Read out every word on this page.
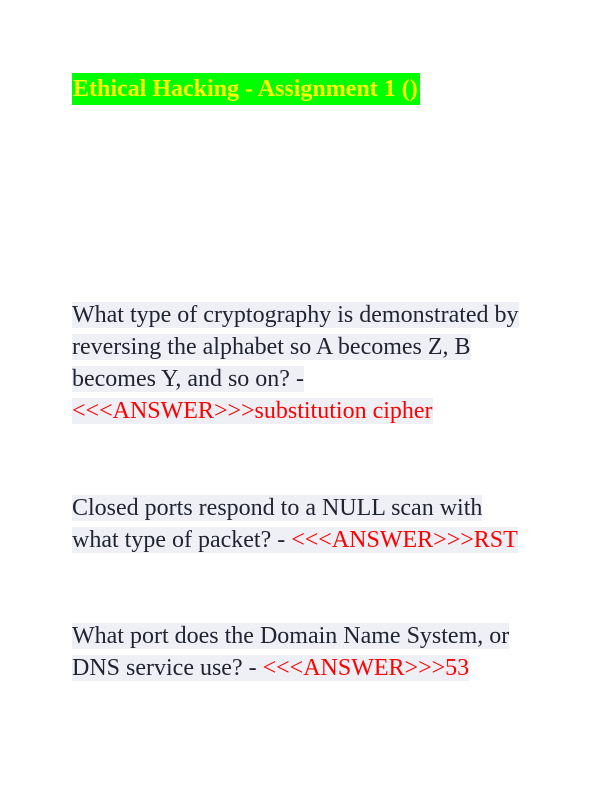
Ethical Hacking - Assignment 1 ()
What type of cryptography is demonstrated by reversing the alphabet so A becomes Z, B becomes Y, and so on? - <<<ANSWER>>>substitution cipher
Closed ports respond to a NULL scan with what type of packet? - <<<ANSWER>>>RST
What port does the Domain Name System, or DNS service use? - <<<ANSWER>>>53
